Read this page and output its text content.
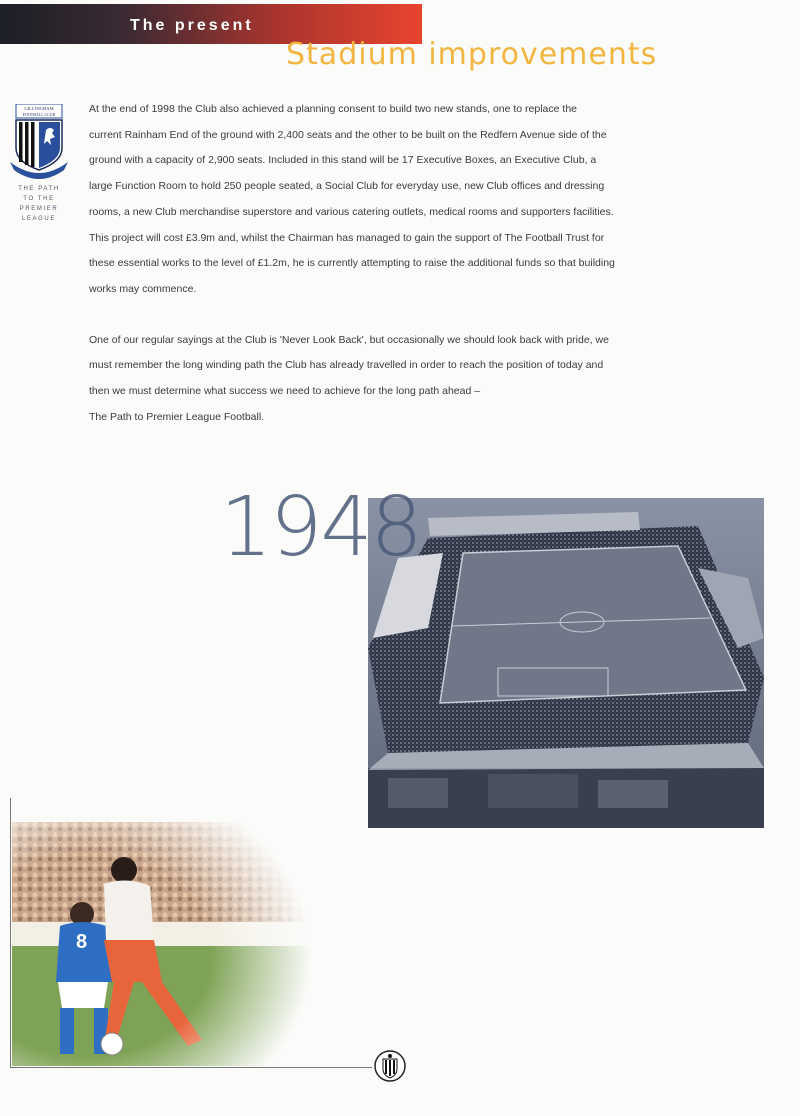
The present
Stadium improvements
GILLINGHAM
FOOTBALL CLUB
THE PATH
TO THE
PREMIER
LEAGUE

At the end of 1998 the Club also achieved a planning consent to build two new stands, one to replace the
current Rainham End of the ground with 2,400 seats and the other to be built on the Redfern Avenue side of the
ground with a capacity of 2,900 seats. Included in this stand will be 17 Executive Boxes, an Executive Club, a
large Function Room to hold 250 people seated, a Social Club for everyday use, new Club offices and dressing
rooms, a new Club merchandise superstore and various catering outlets, medical rooms and supporters facilities.
This project will cost £3.9m and, whilst the Chairman has managed to gain the support of The Football Trust for
these essential works to the level of £1.2m, he is currently attempting to raise the additional funds so that building
works may commence.

One of our regular sayings at the Club is 'Never Look Back', but occasionally we should look back with pride, we
must remember the long winding path the Club has already travelled in order to reach the position of today and
then we must determine what success we need to achieve for the long path ahead –
The Path to Premier League Football.

1948
